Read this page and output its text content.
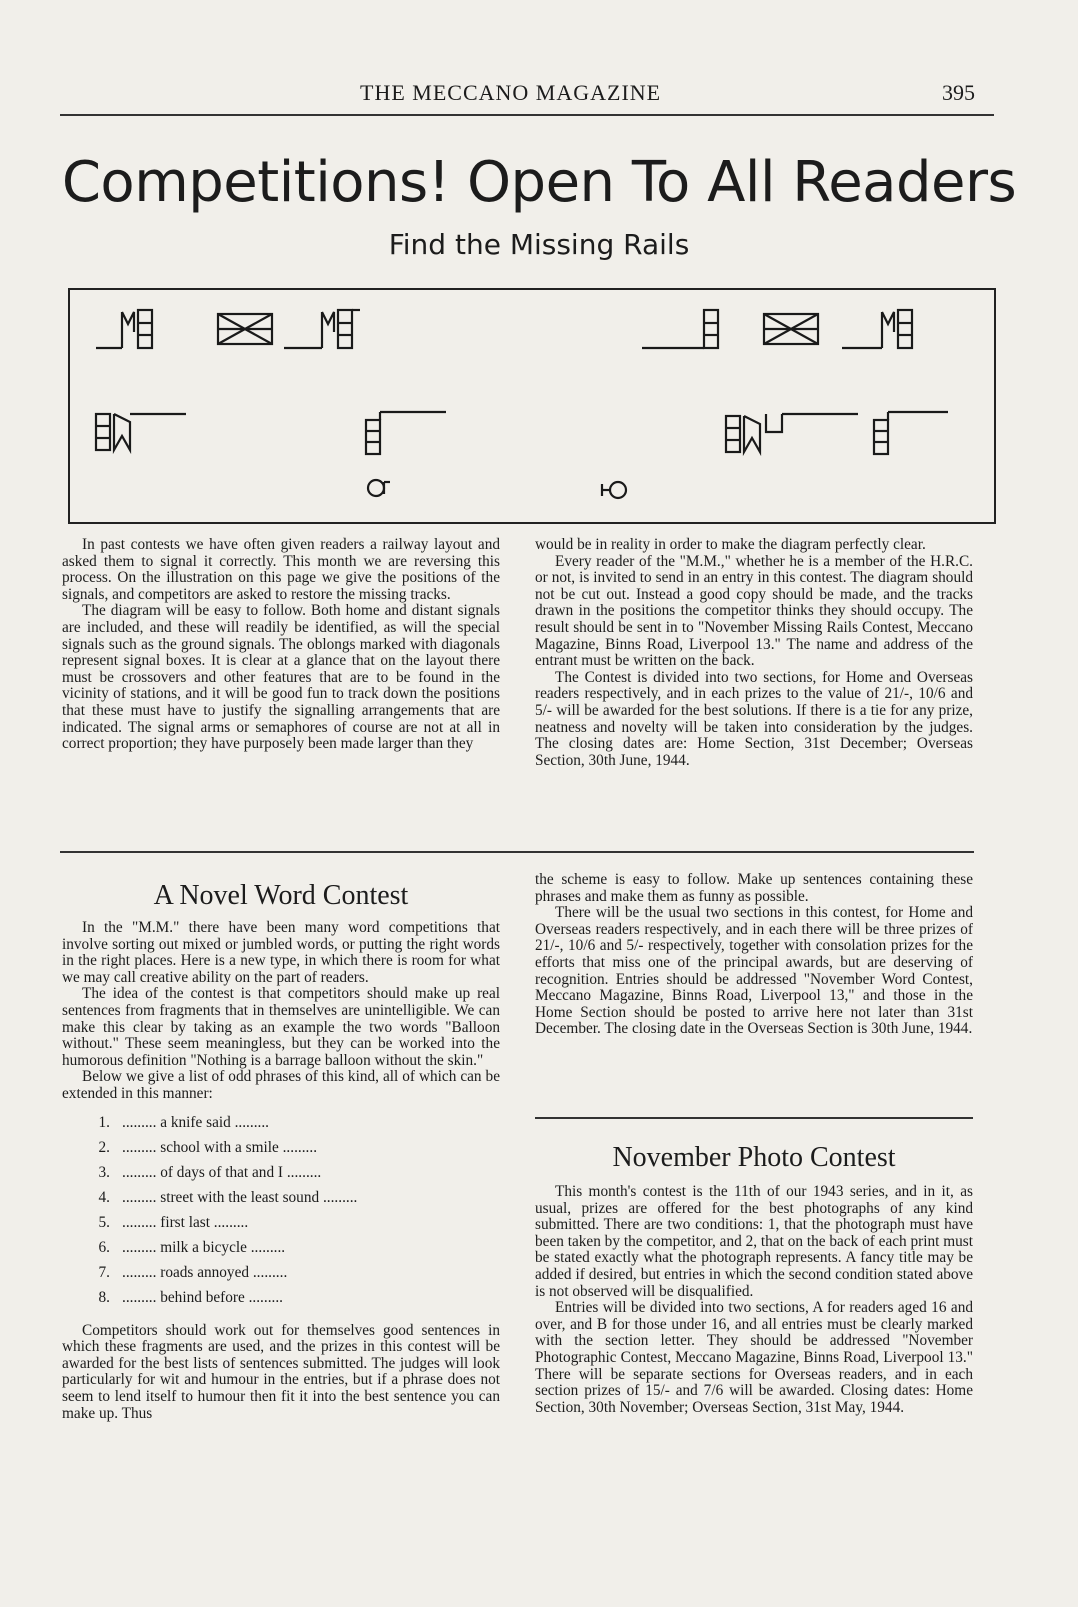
THE MECCANO MAGAZINE	395
Competitions! Open To All Readers
Find the Missing Rails

In past contests we have often given readers a railway layout and asked them to signal it correctly. This month we are reversing this process. On the illustration on this page we give the positions of the signals, and competitors are asked to restore the missing tracks.

The diagram will be easy to follow. Both home and distant signals are included, and these will readily be identified, as will the special signals such as the ground signals. The oblongs marked with diagonals represent signal boxes. It is clear at a glance that on the layout there must be crossovers and other features that are to be found in the vicinity of stations, and it will be good fun to track down the positions that these must have to justify the signalling arrangements that are indicated. The signal arms or semaphores of course are not at all in correct proportion; they have purposely been made larger than they

would be in reality in order to make the diagram perfectly clear.

Every reader of the "M.M.," whether he is a member of the H.R.C. or not, is invited to send in an entry in this contest. The diagram should not be cut out. Instead a good copy should be made, and the tracks drawn in the positions the competitor thinks they should occupy. The result should be sent in to "November Missing Rails Contest, Meccano Magazine, Binns Road, Liverpool 13." The name and address of the entrant must be written on the back.

The Contest is divided into two sections, for Home and Overseas readers respectively, and in each prizes to the value of 21/-, 10/6 and 5/- will be awarded for the best solutions. If there is a tie for any prize, neatness and novelty will be taken into consideration by the judges. The closing dates are: Home Section, 31st December; Overseas Section, 30th June, 1944.

A Novel Word Contest

In the "M.M." there have been many word competitions that involve sorting out mixed or jumbled words, or putting the right words in the right places. Here is a new type, in which there is room for what we may call creative ability on the part of readers.

The idea of the contest is that competitors should make up real sentences from fragments that in themselves are unintelligible. We can make this clear by taking as an example the two words "Balloon without." These seem meaningless, but they can be worked into the humorous definition "Nothing is a barrage balloon without the skin."

Below we give a list of odd phrases of this kind, all of which can be extended in this manner:

1. ......... a knife said .........
2. ......... school with a smile .........
3. ......... of days of that and I .........
4. ......... street with the least sound .........
5. ......... first last .........
6. ......... milk a bicycle .........
7. ......... roads annoyed .........
8. ......... behind before .........

Competitors should work out for themselves good sentences in which these fragments are used, and the prizes in this contest will be awarded for the best lists of sentences submitted. The judges will look particularly for wit and humour in the entries, but if a phrase does not seem to lend itself to humour then fit it into the best sentence you can make up. Thus

the scheme is easy to follow. Make up sentences containing these phrases and make them as funny as possible.

There will be the usual two sections in this contest, for Home and Overseas readers respectively, and in each there will be three prizes of 21/-, 10/6 and 5/- respectively, together with consolation prizes for the efforts that miss one of the principal awards, but are deserving of recognition. Entries should be addressed "November Word Contest, Meccano Magazine, Binns Road, Liverpool 13," and those in the Home Section should be posted to arrive here not later than 31st December. The closing date in the Overseas Section is 30th June, 1944.

November Photo Contest

This month's contest is the 11th of our 1943 series, and in it, as usual, prizes are offered for the best photographs of any kind submitted. There are two conditions: 1, that the photograph must have been taken by the competitor, and 2, that on the back of each print must be stated exactly what the photograph represents. A fancy title may be added if desired, but entries in which the second condition stated above is not observed will be disqualified.

Entries will be divided into two sections, A for readers aged 16 and over, and B for those under 16, and all entries must be clearly marked with the section letter. They should be addressed "November Photographic Contest, Meccano Magazine, Binns Road, Liverpool 13." There will be separate sections for Overseas readers, and in each section prizes of 15/- and 7/6 will be awarded. Closing dates: Home Section, 30th November; Overseas Section, 31st May, 1944.
